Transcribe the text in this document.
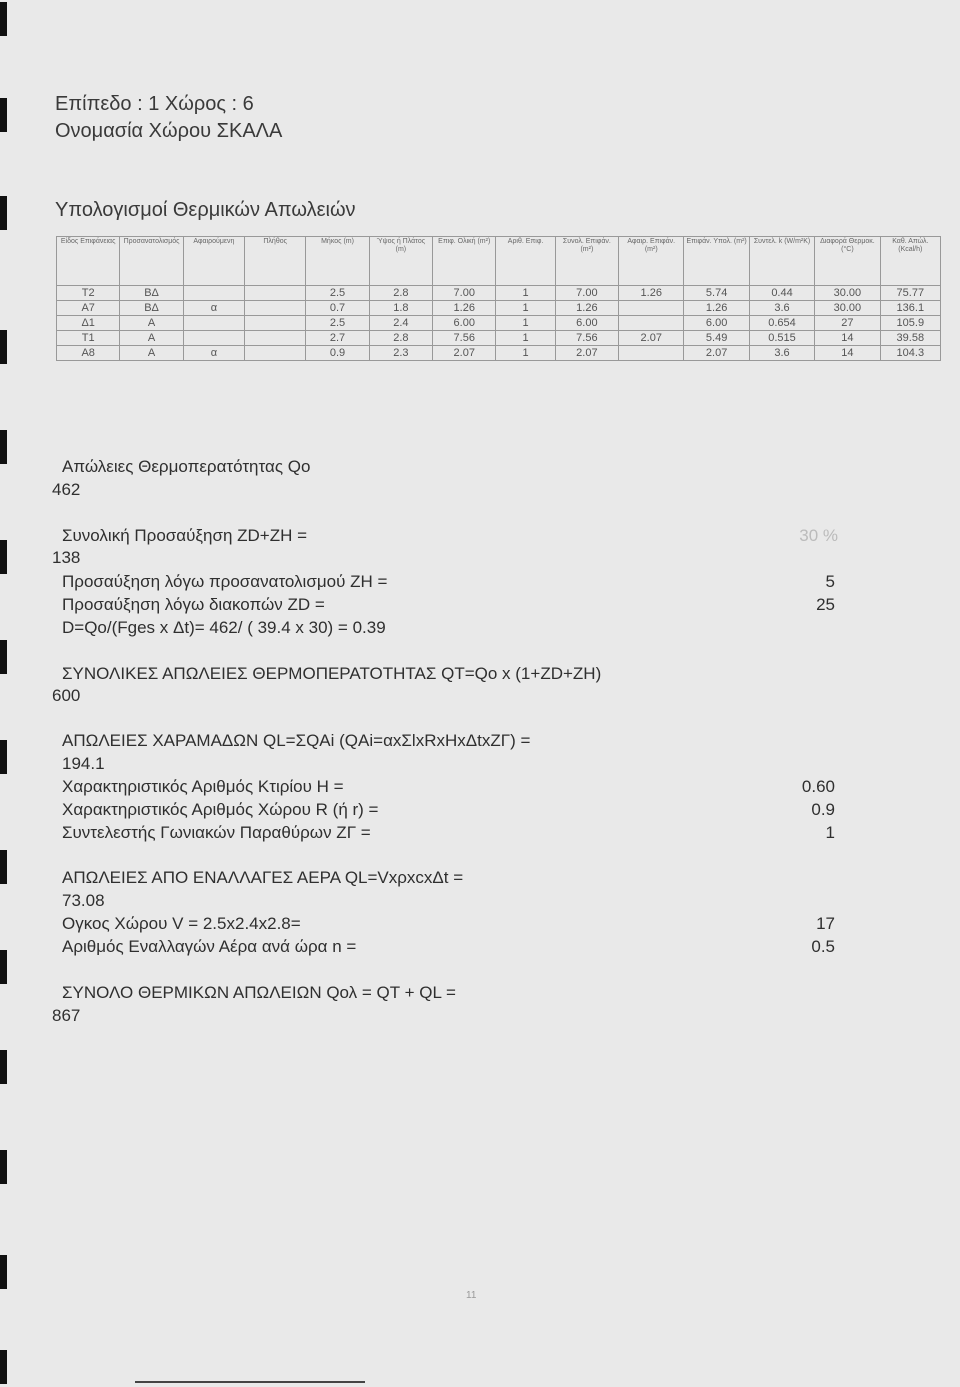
Επίπεδο : 1 Χώρος : 6
Ονομασία Χώρου ΣΚΑΛΑ
Υπολογισμοί Θερμικών Απωλειών
Είδος Επιφάνειας	Προσανατολισμός	Αφαιρούμενη	Πλήθος	Μήκος (m)	Ύψος ή Πλάτος (m)	Επιφ. Ολική (m²)	Αριθ. Επιφ.	Συνολ. Επιφάν. (m²)	Αφαιρ. Επιφάν. (m²)	Επιφάν. Υπολ. (m²)	Συντελ. k (W/m²K)	Διαφορά Θερμοκ. (°C)	Καθ. Απώλ. (Kcal/h)
Τ2	ΒΔ			2.5	2.8	7.00	1	7.00	1.26	5.74	0.44	30.00	75.77
Α7	ΒΔ	α		0.7	1.8	1.26	1	1.26		1.26	3.6	30.00	136.1
Δ1	Α			2.5	2.4	6.00	1	6.00		6.00	0.654	27	105.9
Τ1	Α			2.7	2.8	7.56	1	7.56	2.07	5.49	0.515	14	39.58
Α8	Α	α		0.9	2.3	2.07	1	2.07		2.07	3.6	14	104.3
Απώλειες Θερμοπερατότητας Qo
462
Συνολική Προσαύξηση ZD+ZH =	30 %
138
Προσαύξηση λόγω προσανατολισμού ZH =	5
Προσαύξηση λόγω διακοπών ZD =	25
D=Qo/(Fges x Δt)= 462/ ( 39.4 x 30) = 0.39
ΣΥΝΟΛΙΚΕΣ ΑΠΩΛΕΙΕΣ ΘΕΡΜΟΠΕΡΑΤΟΤΗΤΑΣ QT=Qo x (1+ZD+ZH)
600
ΑΠΩΛΕΙΕΣ ΧΑΡΑΜΑΔΩΝ QL=ΣQAi (QAi=αxΣlxRxHxΔtxΖΓ) =
194.1
Χαρακτηριστικός Αριθμός Κτιρίου H =	0.60
Χαρακτηριστικός Αριθμός Χώρου R (ή r) =	0.9
Συντελεστής Γωνιακών Παραθύρων ΖΓ =	1
ΑΠΩΛΕΙΕΣ ΑΠΟ ΕΝΑΛΛΑΓΕΣ ΑΕΡΑ QL=VxρxcxΔt =
73.08
Ογκος Χώρου V = 2.5x2.4x2.8=	17
Αριθμός Εναλλαγών Αέρα ανά ώρα n =	0.5
ΣΥΝΟΛΟ ΘΕΡΜΙΚΩΝ ΑΠΩΛΕΙΩΝ Qολ = QT + QL =
867
11
